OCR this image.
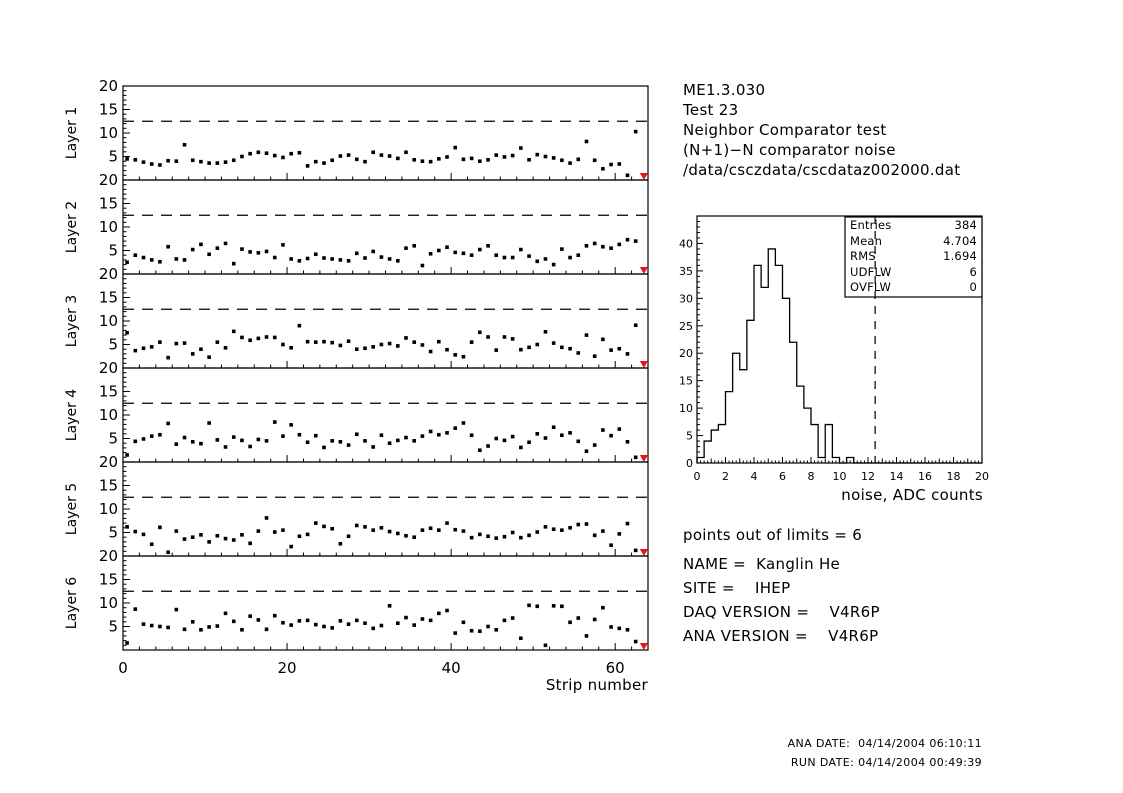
5
10
15
20
Layer 1
5
10
15
20
Layer 2
5
10
15
20
Layer 3
5
10
15
20
Layer 4
5
10
15
20
Layer 5
5
10
15
20
Layer 6
0	20	40	60
0
5
10
15
20
25
30
35
40
0 2 4 6 8 10 12 14 16 18 20
ME1.3.030
Test 23
Neighbor Comparator test
(N+1)−N comparator noise
/data/csczdata/cscdataz002000.dat
Entries	384
Mean	4.704
RMS	1.694
UDFLW	6
OVFLW	0
Strip number
noise, ADC counts
points out of limits = 6
NAME =  Kanglin He
SITE =    IHEP
DAQ VERSION =    V4R6P
ANA VERSION =    V4R6P
ANA DATE:  04/14/2004 06:10:11
RUN DATE: 04/14/2004 00:49:39
